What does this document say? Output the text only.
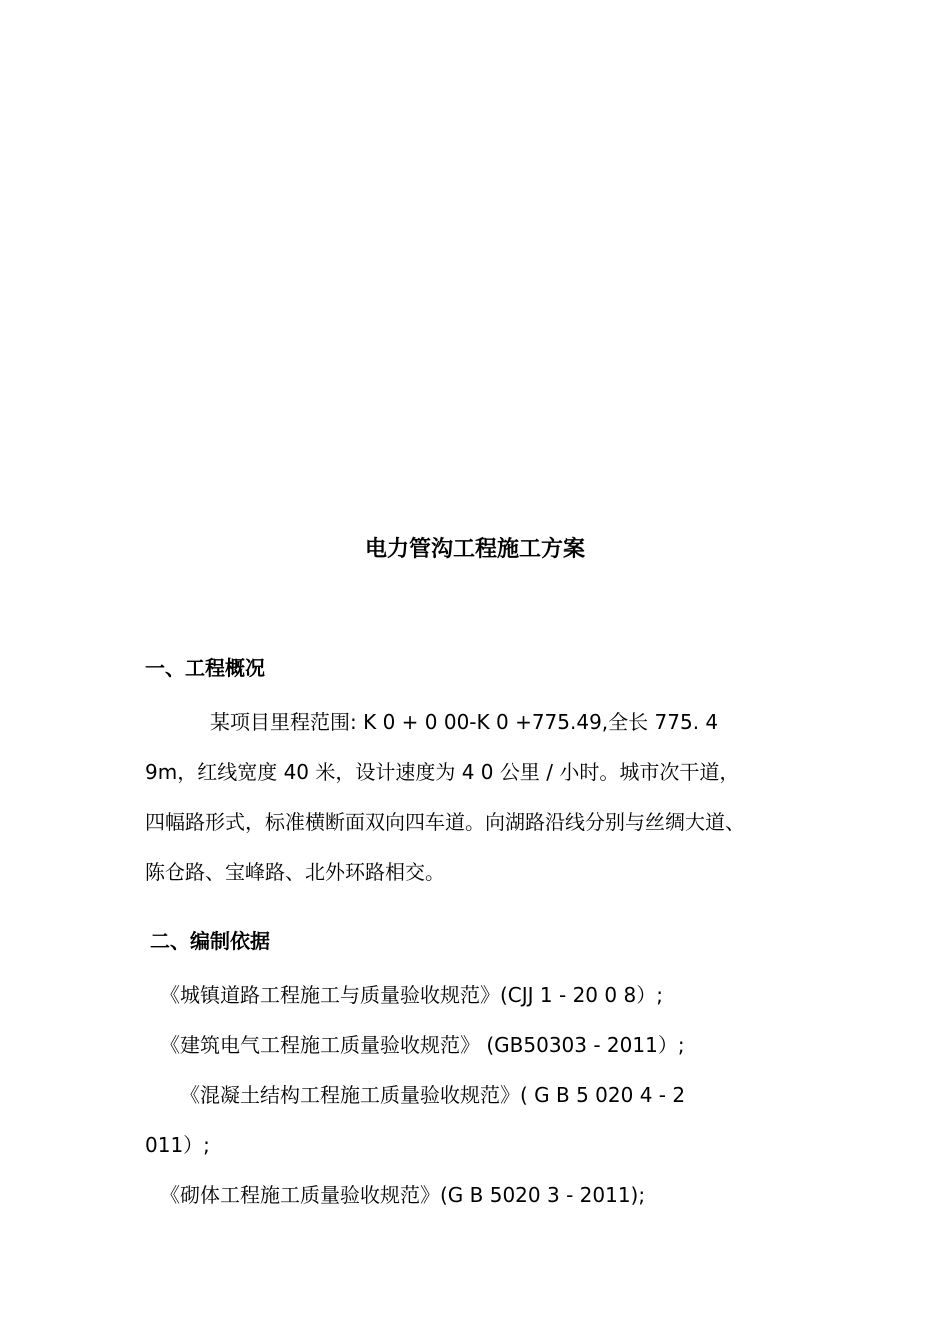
电力管沟工程施工方案
一、工程概况
某项目里程范围: K 0 + 0 00-K 0 +775.49,全长 775. 4
9m，红线宽度 40 米，设计速度为 4 0 公里 / 小时。城市次干道，
四幅路形式，标准横断面双向四车道。向湖路沿线分别与丝绸大道、
陈仓路、宝峰路、北外环路相交。
二、编制依据
《城镇道路工程施工与质量验收规范》(CJJ 1 - 20 0 8）;
《建筑电气工程施工质量验收规范》 (GB50303 - 2011）;
《混凝土结构工程施工质量验收规范》( G B 5 020 4 - 2
011）;
《砌体工程施工质量验收规范》(G B 5020 3 - 2011);
